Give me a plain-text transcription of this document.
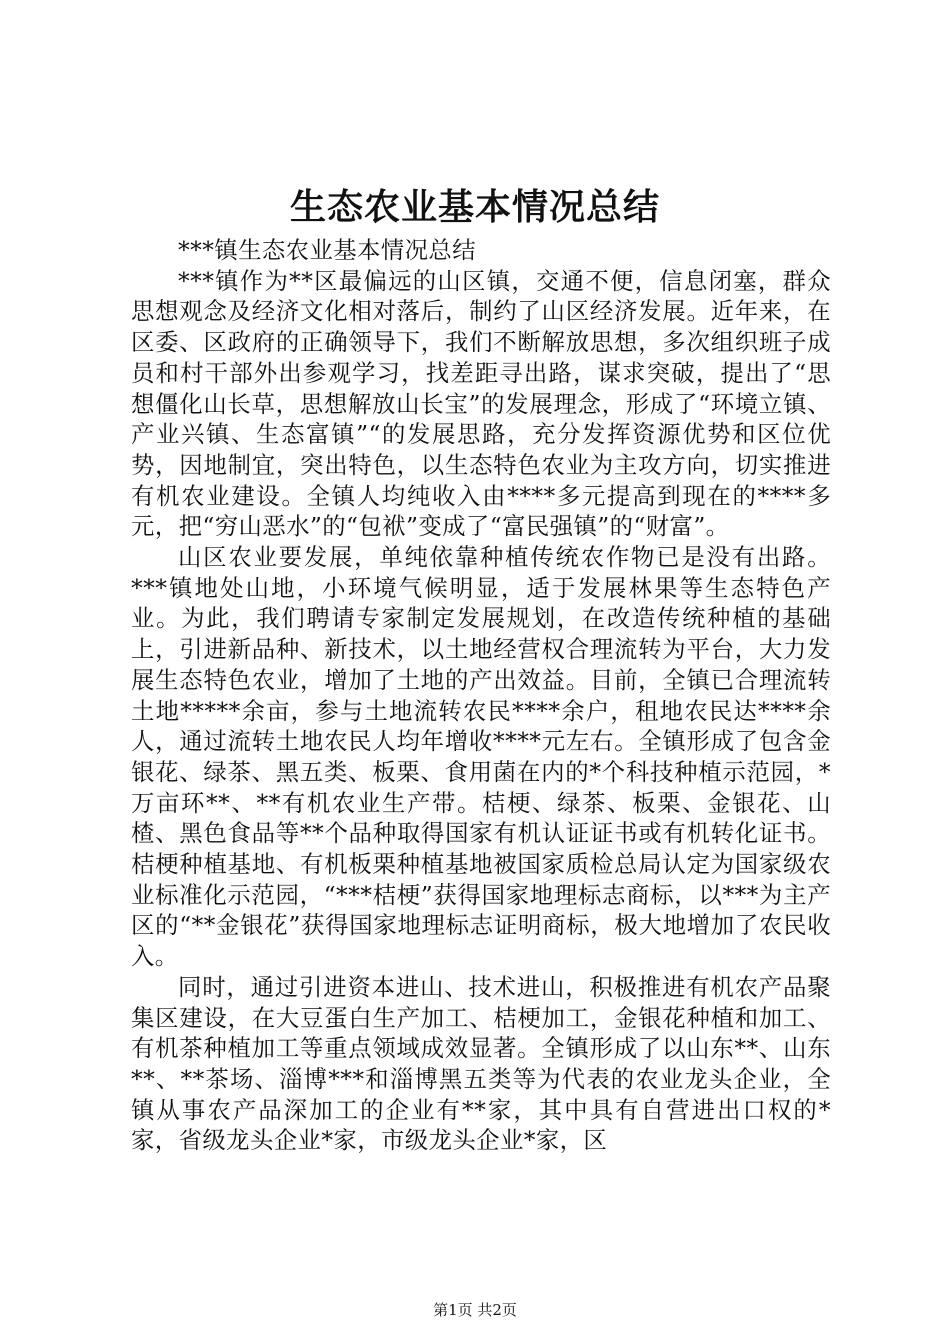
生态农业基本情况总结

***镇生态农业基本情况总结

***镇作为**区最偏远的山区镇，交通不便，信息闭塞，群众思想观念及经济文化相对落后，制约了山区经济发展。近年来，在区委、区政府的正确领导下，我们不断解放思想，多次组织班子成员和村干部外出参观学习，找差距寻出路，谋求突破，提出了“思想僵化山长草，思想解放山长宝”的发展理念，形成了“环境立镇、产业兴镇、生态富镇”“的发展思路，充分发挥资源优势和区位优势，因地制宜，突出特色，以生态特色农业为主攻方向，切实推进有机农业建设。全镇人均纯收入由****多元提高到现在的****多元，把“穷山恶水”的“包袱”变成了“富民强镇”的“财富”。

山区农业要发展，单纯依靠种植传统农作物已是没有出路。***镇地处山地，小环境气候明显，适于发展林果等生态特色产业。为此，我们聘请专家制定发展规划，在改造传统种植的基础上，引进新品种、新技术，以土地经营权合理流转为平台，大力发展生态特色农业，增加了土地的产出效益。目前，全镇已合理流转土地*****余亩，参与土地流转农民****余户，租地农民达****余人，通过流转土地农民人均年增收****元左右。全镇形成了包含金银花、绿茶、黑五类、板栗、食用菌在内的*个科技种植示范园，*万亩环**、**有机农业生产带。桔梗、绿茶、板栗、金银花、山楂、黑色食品等**个品种取得国家有机认证证书或有机转化证书。桔梗种植基地、有机板栗种植基地被国家质检总局认定为国家级农业标准化示范园，“***桔梗”获得国家地理标志商标，以***为主产区的“**金银花”获得国家地理标志证明商标，极大地增加了农民收入。

同时，通过引进资本进山、技术进山，积极推进有机农产品聚集区建设，在大豆蛋白生产加工、桔梗加工，金银花种植和加工、有机茶种植加工等重点领域成效显著。全镇形成了以山东**、山东**、**茶场、淄博***和淄博黑五类等为代表的农业龙头企业，全镇从事农产品深加工的企业有**家，其中具有自营进出口权的*家，省级龙头企业*家，市级龙头企业*家，区

第1页 共2页
